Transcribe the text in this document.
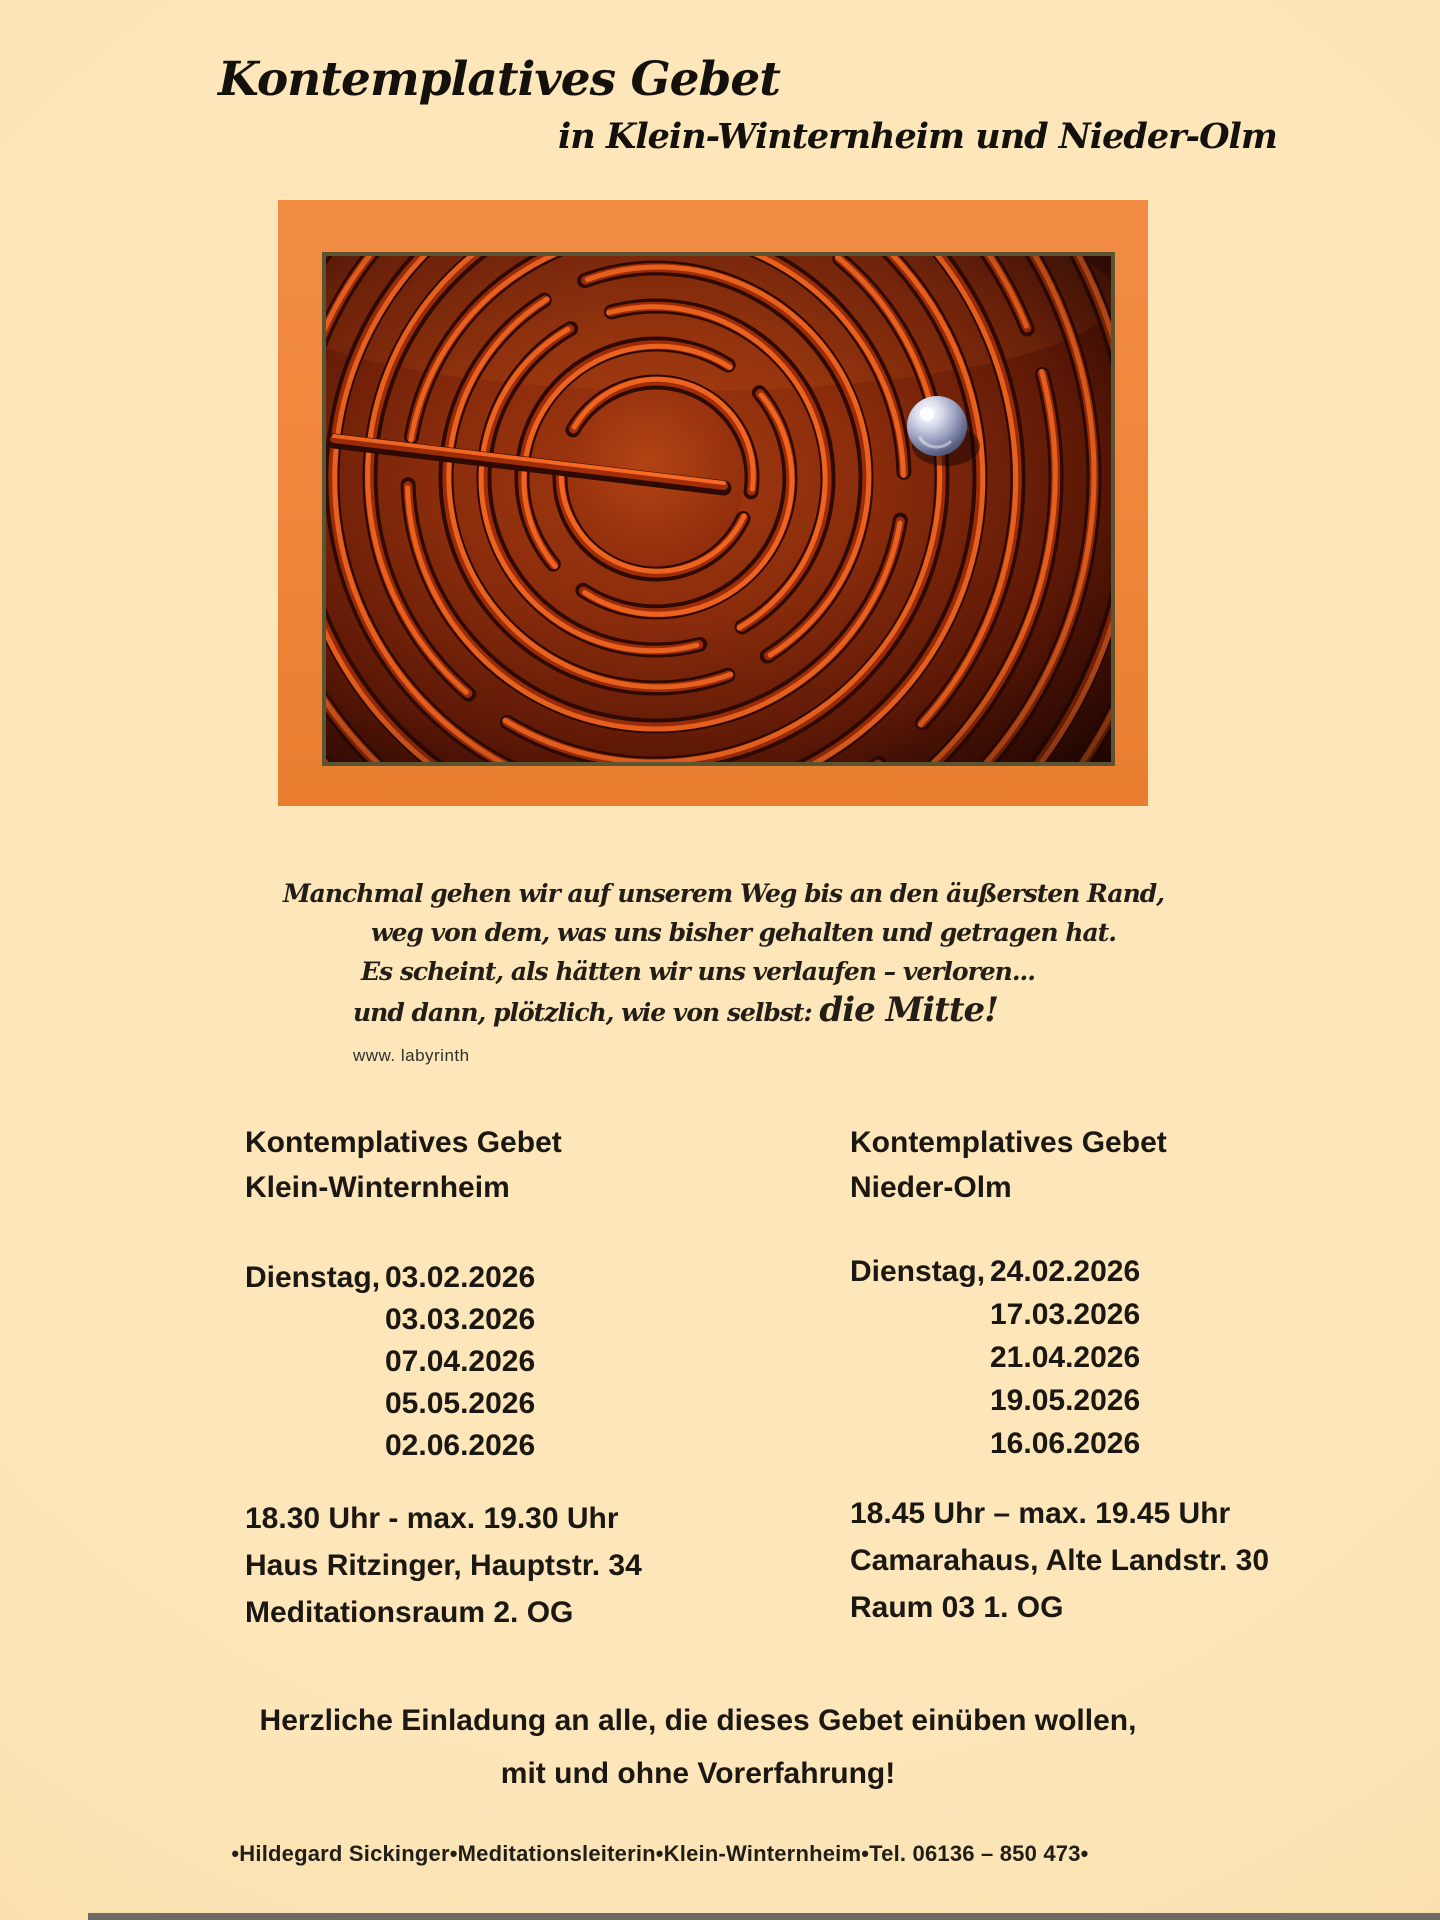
Kontemplatives Gebet
in Klein-Winternheim und Nieder-Olm
Manchmal gehen wir auf unserem Weg bis an den äußersten Rand,
weg von dem, was uns bisher gehalten und getragen hat.
Es scheint, als hätten wir uns verlaufen – verloren...
und dann, plötzlich, wie von selbst: die Mitte!
www. labyrinth
Kontemplatives Gebet
Klein-Winternheim
Dienstag, 03.02.2026
03.03.2026
07.04.2026
05.05.2026
02.06.2026
18.30 Uhr - max. 19.30 Uhr
Haus Ritzinger, Hauptstr. 34
Meditationsraum 2. OG
Kontemplatives Gebet
Nieder-Olm
Dienstag, 24.02.2026
17.03.2026
21.04.2026
19.05.2026
16.06.2026
18.45 Uhr – max. 19.45 Uhr
Camarahaus, Alte Landstr. 30
Raum 03 1. OG
Herzliche Einladung an alle, die dieses Gebet einüben wollen,
mit und ohne Vorerfahrung!
•Hildegard Sickinger•Meditationsleiterin•Klein-Winternheim•Tel. 06136 – 850 473•
